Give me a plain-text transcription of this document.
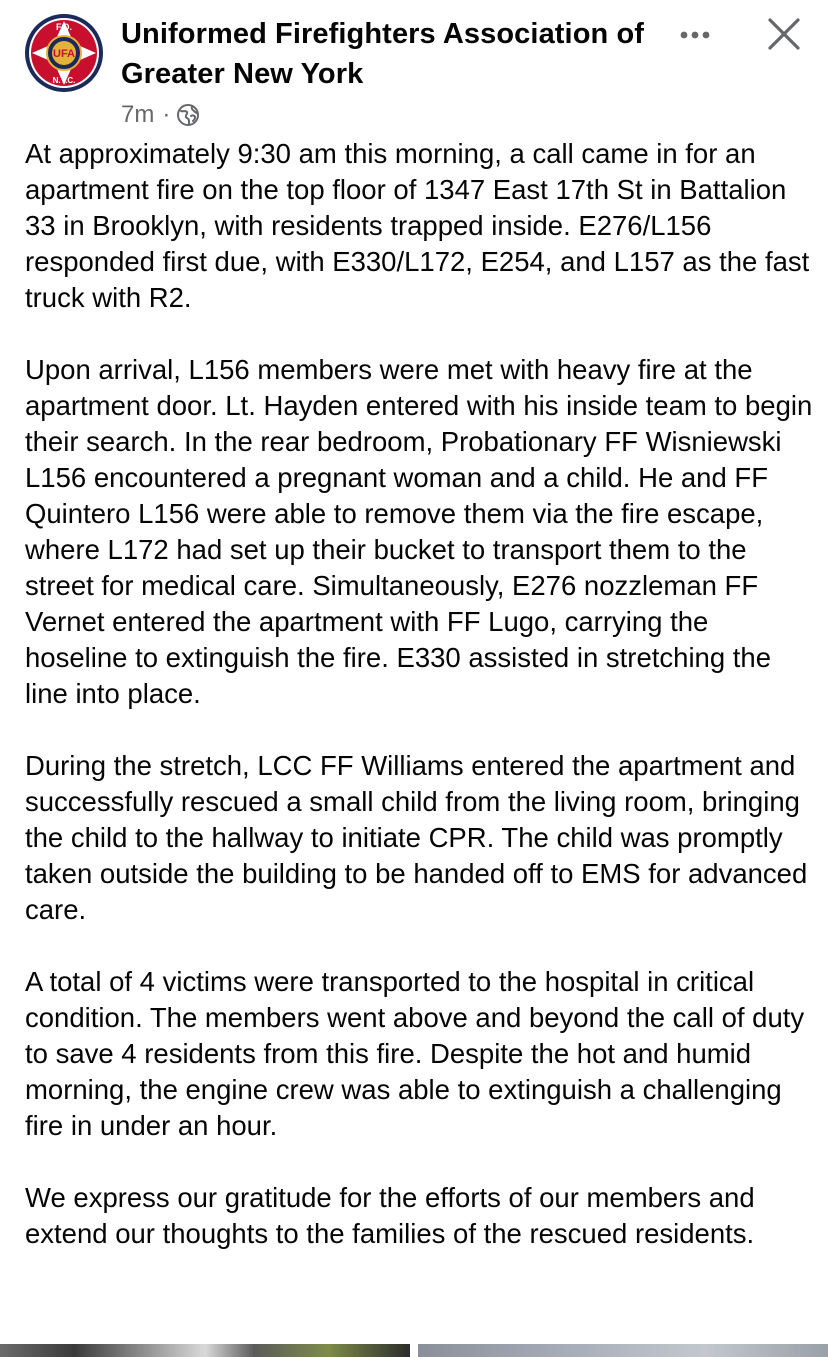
F.D.
UFA
N.Y.C.
Uniformed Firefighters Association of Greater New York
7m ·

At approximately 9:30 am this morning, a call came in for an apartment fire on the top floor of 1347 East 17th St in Battalion 33 in Brooklyn, with residents trapped inside. E276/L156 responded first due, with E330/L172, E254, and L157 as the fast truck with R2.

Upon arrival, L156 members were met with heavy fire at the apartment door. Lt. Hayden entered with his inside team to begin their search. In the rear bedroom, Probationary FF Wisniewski L156 encountered a pregnant woman and a child. He and FF Quintero L156 were able to remove them via the fire escape, where L172 had set up their bucket to transport them to the street for medical care. Simultaneously, E276 nozzleman FF Vernet entered the apartment with FF Lugo, carrying the hoseline to extinguish the fire. E330 assisted in stretching the line into place.

During the stretch, LCC FF Williams entered the apartment and successfully rescued a small child from the living room, bringing the child to the hallway to initiate CPR. The child was promptly taken outside the building to be handed off to EMS for advanced care.

A total of 4 victims were transported to the hospital in critical condition. The members went above and beyond the call of duty to save 4 residents from this fire. Despite the hot and humid morning, the engine crew was able to extinguish a challenging fire in under an hour.

We express our gratitude for the efforts of our members and extend our thoughts to the families of the rescued residents.
